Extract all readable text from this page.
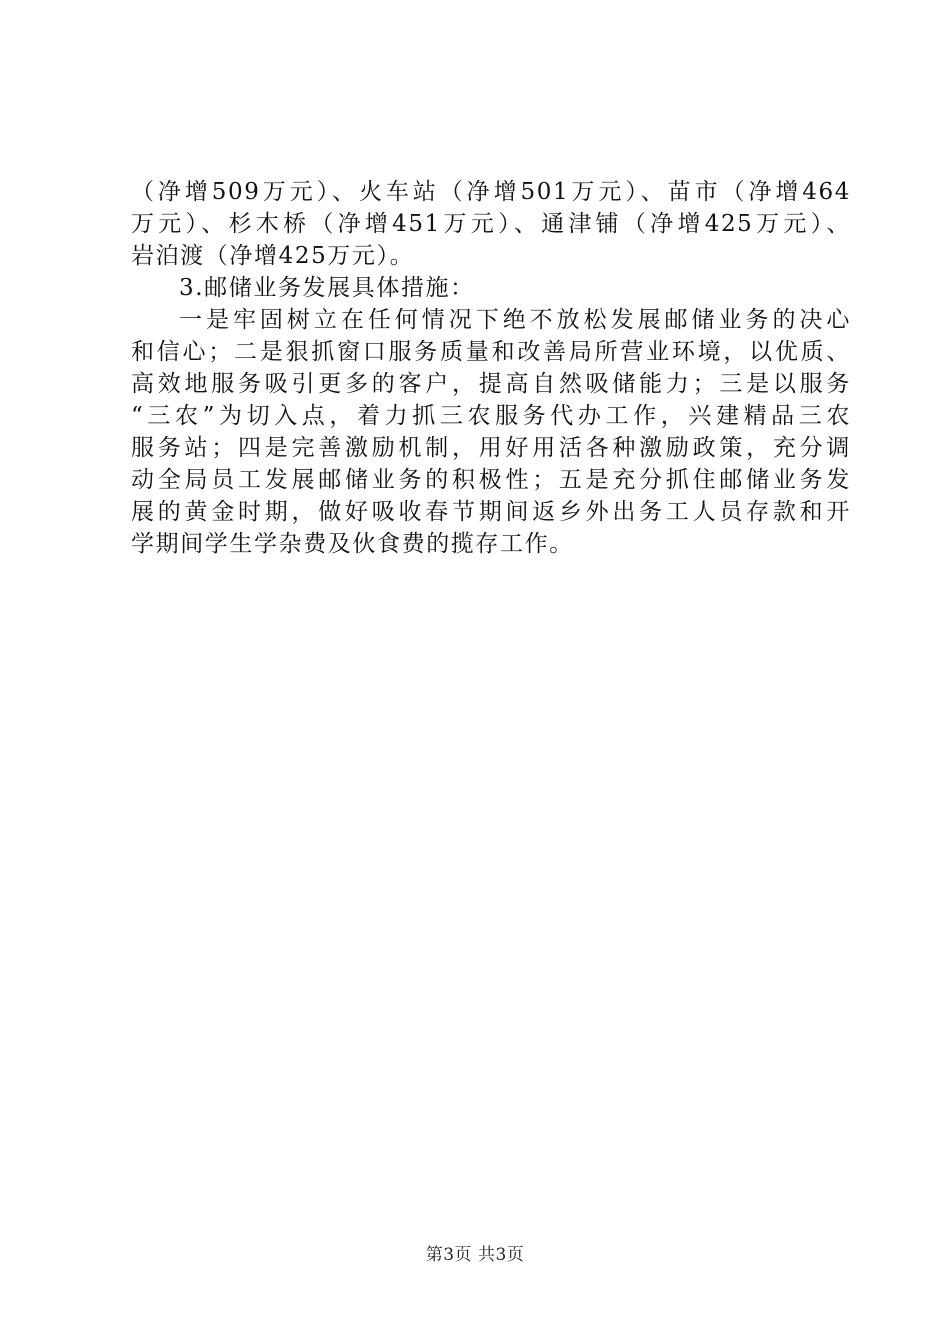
（净增509万元）、火车站（净增501万元）、苗市（净增464
万元）、杉木桥（净增451万元）、通津铺（净增425万元）、
岩泊渡（净增425万元）。
3.邮储业务发展具体措施：
一是牢固树立在任何情况下绝不放松发展邮储业务的决心
和信心；二是狠抓窗口服务质量和改善局所营业环境，以优质、
高效地服务吸引更多的客户，提高自然吸储能力；三是以服务
“三农”为切入点，着力抓三农服务代办工作，兴建精品三农
服务站；四是完善激励机制，用好用活各种激励政策，充分调
动全局员工发展邮储业务的积极性；五是充分抓住邮储业务发
展的黄金时期，做好吸收春节期间返乡外出务工人员存款和开
学期间学生学杂费及伙食费的揽存工作。
第3页 共3页
